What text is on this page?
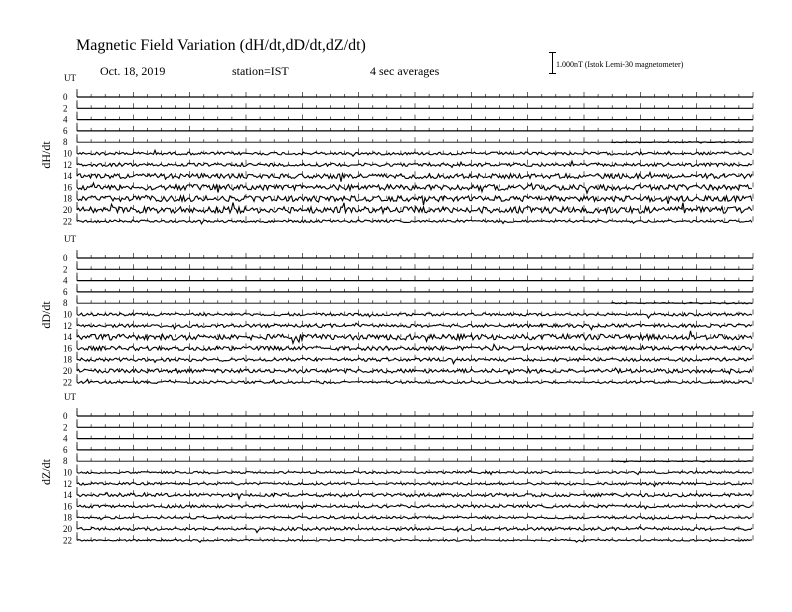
Magnetic Field Variation (dH/dt,dD/dt,dZ/dt)
Oct. 18, 2019	station=IST	4 sec averages	1.000nT (Istok Lemi-30 magnetometer)
UT
dH/dt
0
2
4
6
8
10
12
14
16
18
20
22
UT
dD/dt
0
2
4
6
8
10
12
14
16
18
20
22
UT
dZ/dt
0
2
4
6
8
10
12
14
16
18
20
22
